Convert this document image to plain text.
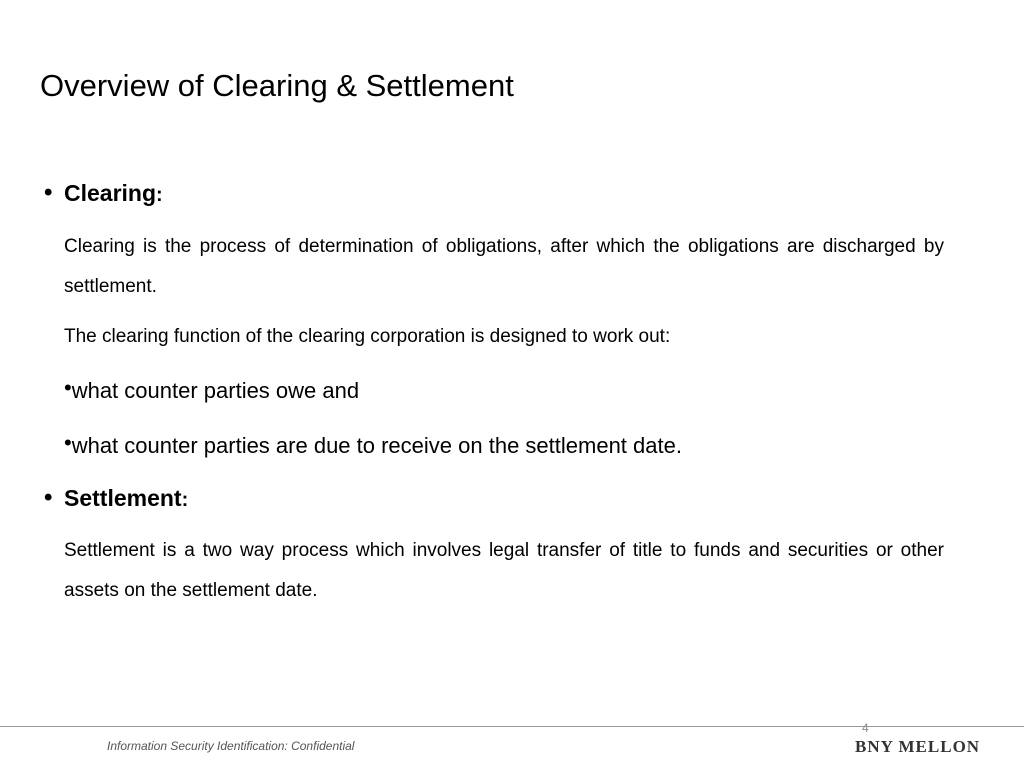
Overview of Clearing & Settlement
• Clearing:

Clearing is the process of determination of obligations, after which the obligations are discharged by settlement.

The clearing function of the clearing corporation is designed to work out:

•what counter parties owe and
•what counter parties are due to receive on the settlement date.
• Settlement:

Settlement is a two way process which involves legal transfer of title to funds and securities or other assets on the settlement date.

4
Information Security Identification: Confidential	BNY MELLON
